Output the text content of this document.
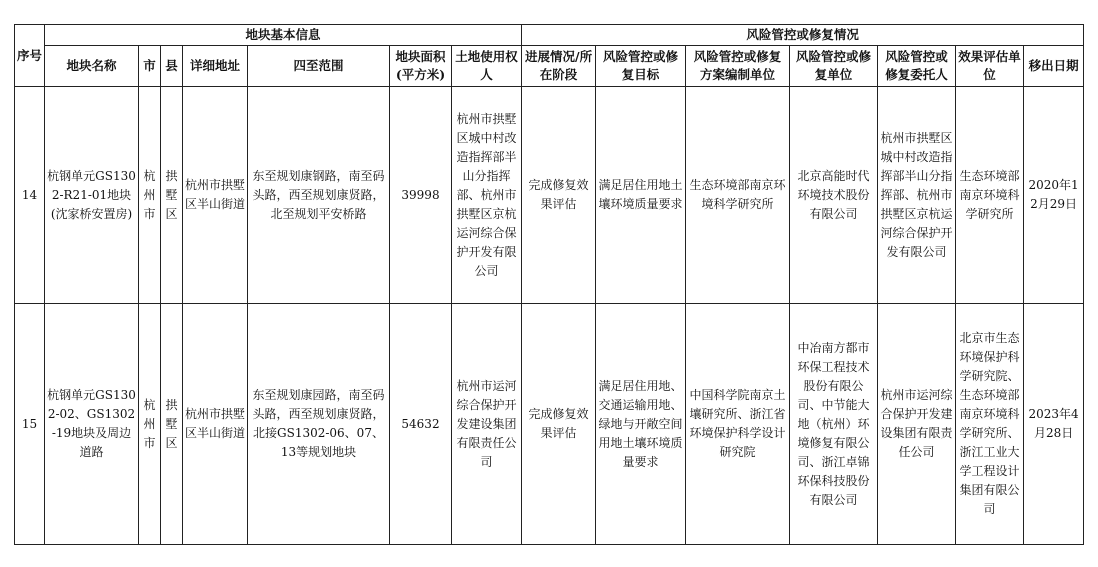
序号	地块基本信息							风险管控或修复情况						
	地块名称	市	县	详细地址	四至范围	地块面积(平方米)	土地使用权人	进展情况/所在阶段	风险管控或修复目标	风险管控或修复方案编制单位	风险管控或修复单位	风险管控或修复委托人	效果评估单位	移出日期
14	杭钢单元GS1302-R21-01地块(沈家桥安置房)	杭州市	拱墅区	杭州市拱墅区半山街道	东至规划康钢路，南至码头路，西至规划康贤路，北至规划平安桥路	39998	杭州市拱墅区城中村改造指挥部半山分指挥部、杭州市拱墅区京杭运河综合保护开发有限公司	完成修复效果评估	满足居住用地土壤环境质量要求	生态环境部南京环境科学研究所	北京高能时代环境技术股份有限公司	杭州市拱墅区城中村改造指挥部半山分指挥部、杭州市拱墅区京杭运河综合保护开发有限公司	生态环境部南京环境科学研究所	2020年12月29日
15	杭钢单元GS1302-02、GS1302-19地块及周边道路	杭州市	拱墅区	杭州市拱墅区半山街道	东至规划康园路，南至码头路，西至规划康贤路，北接GS1302-06、07、13等规划地块	54632	杭州市运河综合保护开发建设集团有限责任公司	完成修复效果评估	满足居住用地、交通运输用地、绿地与开敞空间用地土壤环境质量要求	中国科学院南京土壤研究所、浙江省环境保护科学设计研究院	中冶南方都市环保工程技术股份有限公司、中节能大地（杭州）环境修复有限公司、浙江卓锦环保科技股份有限公司	杭州市运河综合保护开发建设集团有限责任公司	北京市生态环境保护科学研究院、生态环境部南京环境科学研究所、浙江工业大学工程设计集团有限公司	2023年4月28日
